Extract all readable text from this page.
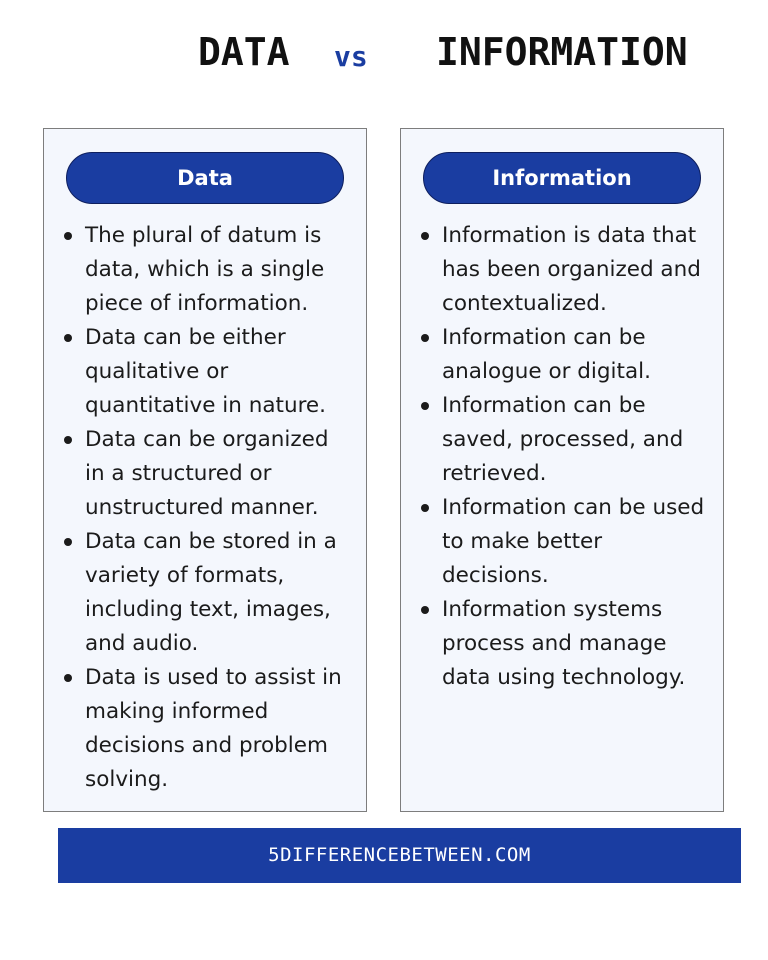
DATA vs INFORMATION
Data
The plural of datum is data, which is a single piece of information.
Data can be either qualitative or quantitative in nature.
Data can be organized in a structured or unstructured manner.
Data can be stored in a variety of formats, including text, images, and audio.
Data is used to assist in making informed decisions and problem solving.
Information
Information is data that has been organized and contextualized.
Information can be analogue or digital.
Information can be saved, processed, and retrieved.
Information can be used to make better decisions.
Information systems process and manage data using technology.
5DIFFERENCEBETWEEN.COM
